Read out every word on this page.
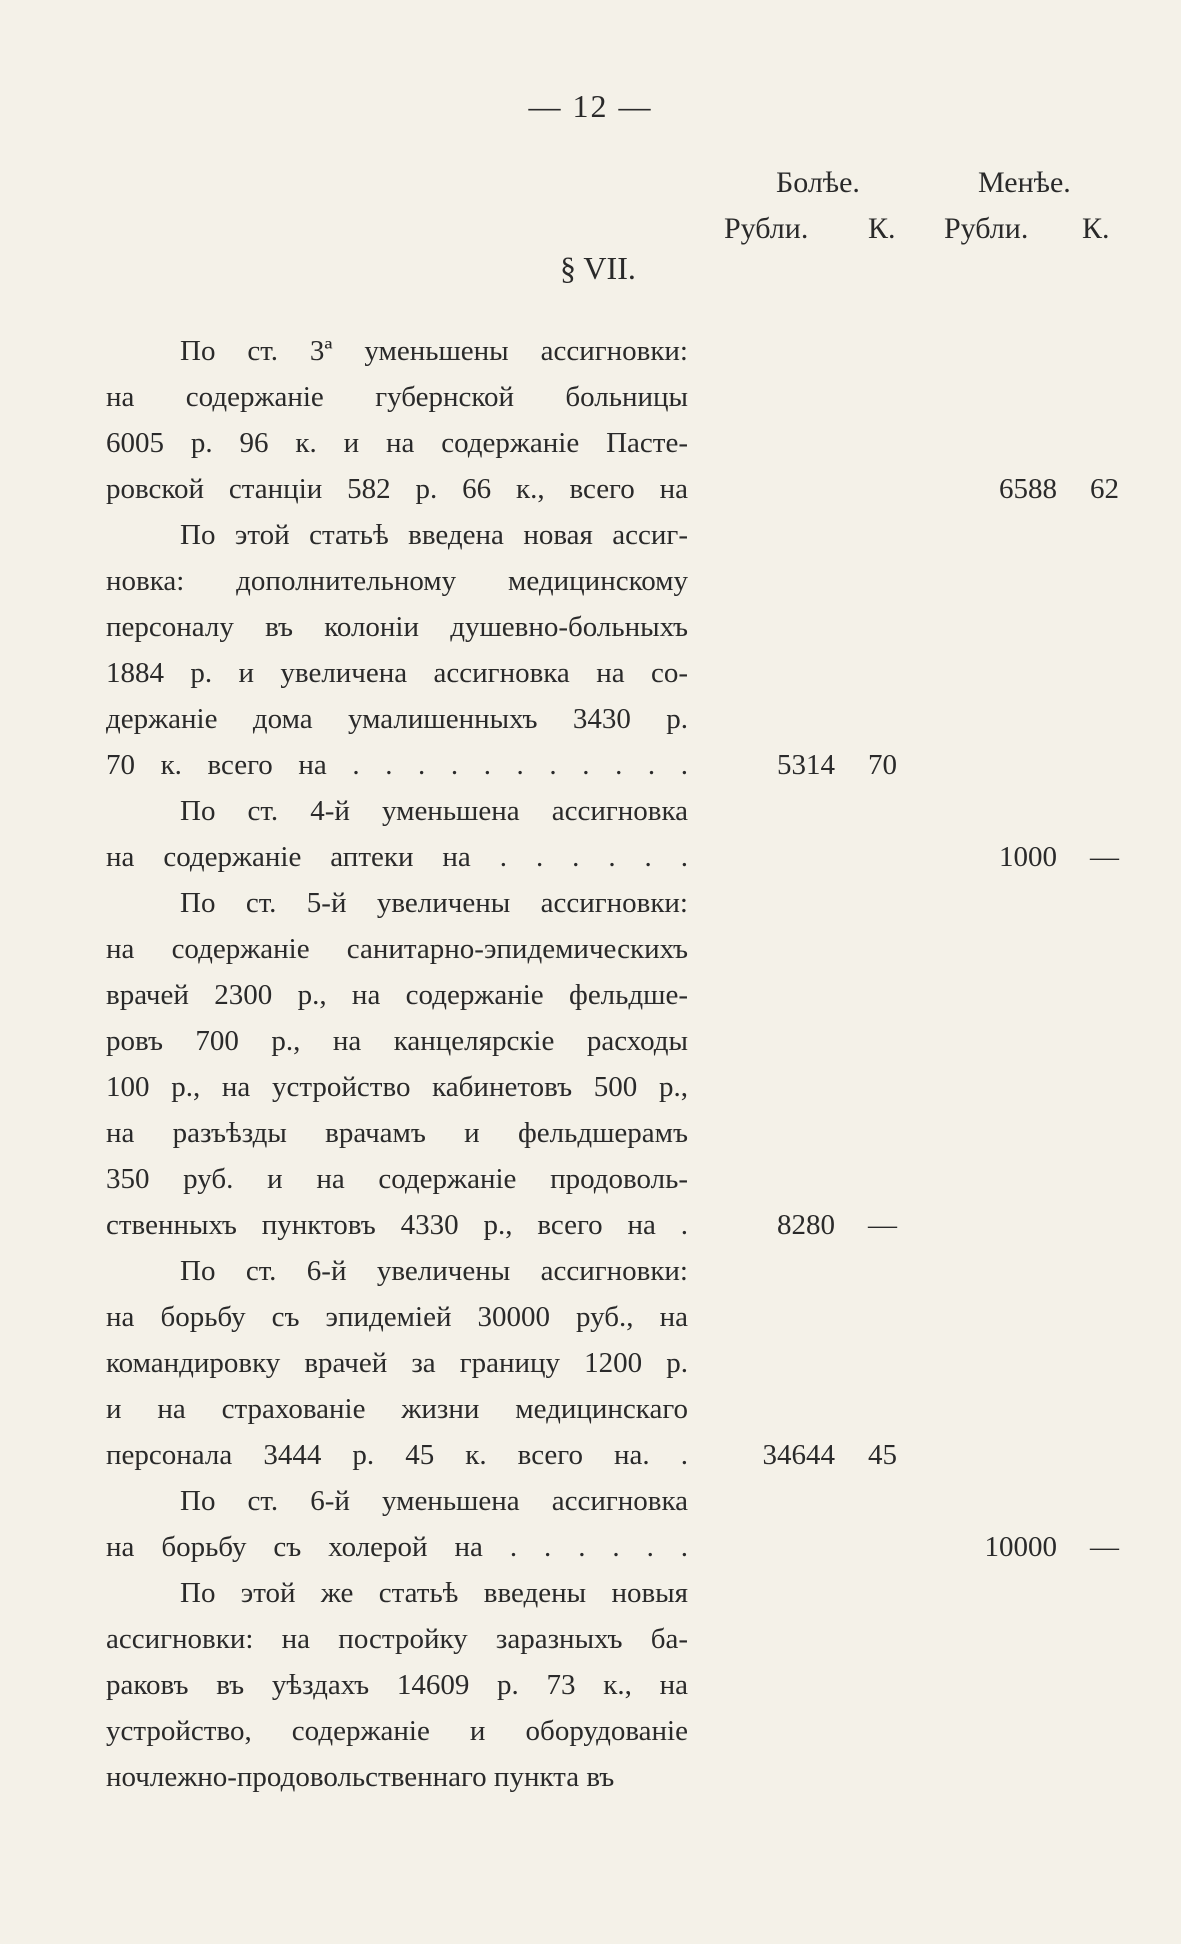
— 12 —
Болѣе.	Менѣе.
Рубли. К. Рубли. К.
§ VII.
По ст. 3ª уменьшены ассигновки:
на содержаніе губернской больницы
6005 р. 96 к. и на содержаніе Пасте-
ровской станціи 582 р. 66 к., всего на
По этой статьѣ введена новая ассиг-
новка: дополнительному медицинскому
персоналу въ колоніи душевно-больныхъ
1884 р. и увеличена ассигновка на со-
держаніе дома умалишенныхъ 3430 р.
70 к. всего на . . . . . . . . . . .
По ст. 4-й уменьшена ассигновка
на содержаніе аптеки на . . . . . .
По ст. 5-й увеличены ассигновки:
на содержаніе санитарно-эпидемическихъ
врачей 2300 р., на содержаніе фельдше-
ровъ 700 р., на канцелярскіе расходы
100 р., на устройство кабинетовъ 500 р.,
на разъѣзды врачамъ и фельдшерамъ
350 руб. и на содержаніе продоволь-
ственныхъ пунктовъ 4330 р., всего на .
По ст. 6-й увеличены ассигновки:
на борьбу съ эпидеміей 30000 руб., на
командировку врачей за границу 1200 р.
и на страхованіе жизни медицинскаго
персонала 3444 р. 45 к. всего на. .
По ст. 6-й уменьшена ассигновка
на борьбу съ холерой на . . . . . .
По этой же статьѣ введены новыя
ассигновки: на постройку заразныхъ ба-
раковъ въ уѣздахъ 14609 р. 73 к., на
устройство, содержаніе и оборудованіе
ночлежно-продовольственнаго пункта въ
6588 62
5314 70
1000 —
8280 —
34644 45
10000 —
